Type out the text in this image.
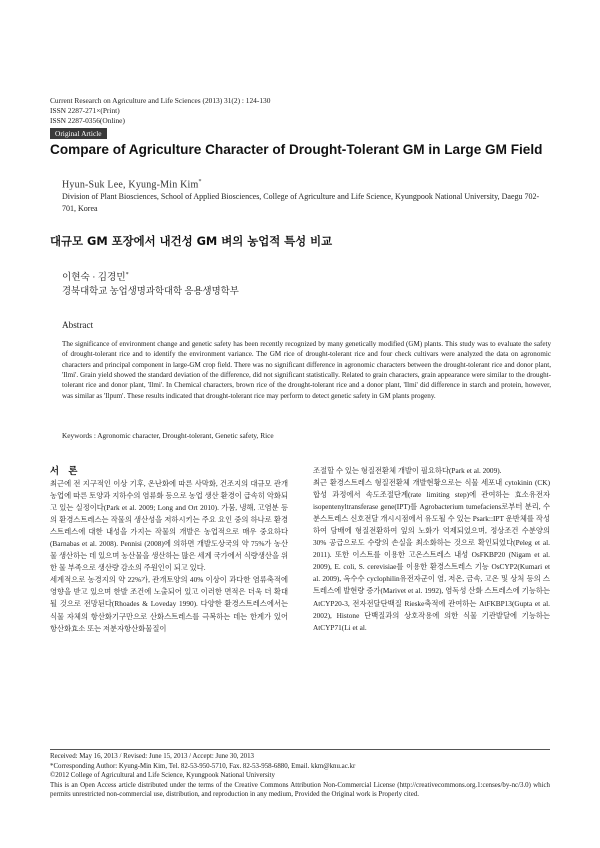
Current Research on Agriculture and Life Sciences (2013) 31(2) : 124-130
ISSN 2287-271×(Print)
ISSN 2287-0356(Online)
Original Article
Compare of Agriculture Character of Drought-Tolerant GM in Large GM Field
Hyun-Suk Lee, Kyung-Min Kim*
Division of Plant Biosciences, School of Applied Biosciences, College of Agriculture and Life Science, Kyungpook National University, Daegu 702-701, Korea
대규모 GM 포장에서 내건성 GM 벼의 농업적 특성 비교
이현숙 · 김경민*
경북대학교 농업생명과학대학 응용생명학부
Abstract
The significance of environment change and genetic safety has been recently recognized by many genetically modified (GM) plants. This study was to evaluate the safety of drought-tolerant rice and to identify the environment variance. The GM rice of drought-tolerant rice and four check cultivars were analyzed the data on agronomic characters and principal component in large-GM crop field. There was no significant difference in agronomic characters between the drought-tolerant rice and donor plant, 'Ilmi'. Grain yield showed the standard deviation of the difference, did not significant statistically. Related to grain characters, grain appearance were similar to the drought-tolerant rice and donor plant, 'Ilmi'. In Chemical characters, brown rice of the drought-tolerant rice and a donor plant, 'Ilmi' did difference in starch and protein, however, was similar as 'Ilpum'. These results indicated that drought-tolerant rice may perform to detect genetic safety in GM plants progeny.
Keywords : Agronomic character, Drought-tolerant, Genetic safety, Rice
서 론

최근에 전 지구적인 이상 기후, 온난화에 따른 사막화, 건조지의 대규모 관개농업에 따른 토양과 지하수의 염류화 등으로 농업 생산 환경이 급속히 악화되고 있는 실정이다(Park et al. 2009; Long and Ort 2010). 가뭄, 냉해, 고염분 등의 환경스트레스는 작물의 생산성을 저하시키는 주요 요인 중의 하나로 환경스트레스에 대한 내성을 가지는 작물의 개발은 농업적으로 매우 중요하다(Barnabas et al. 2008). Pennisi (2008)에 의하면 개발도상국의 약 75%가 농산물 생산하는 데 있으며 농산물을 생산하는 많은 세계 국가에서 식량생산을 위한 물 부족으로 생산량 감소의 주원인이 되고 있다.

세계적으로 농경지의 약 22%가, 관개토양의 40% 이상이 과다한 염류축적에 영향을 받고 있으며 한발 조건에 노출되어 있고 이러한 면적은 더욱 더 확대될 것으로 전망된다(Rhoades & Loveday 1990). 다양한 환경스트레스에서는 식물 자체의 항산화기구만으로 산화스트레스를 극복하는 데는 한계가 있어 항산화효소 또는 저분자항산화물질이

조절할 수 있는 형질전환체 개발이 필요하다(Park et al. 2009).

최근 환경스트레스 형질전환체 개발현황으로는 식물 세포내 cytokinin (CK) 합성 과정에서 속도조절단계(rate limiting step)에 관여하는 효소유전자 isopentenyltransferase gene(IPT)를 Agrobacterium tumefaciens로부터 분리, 수분스트레스 신호전달 개시시점에서 유도될 수 있는 Psark::IPT 운반체를 작성하여 담배에 형질전환하여 잎의 노화가 억제되었으며, 정상조건 수분양의 30% 공급으로도 수량의 손실을 최소화하는 것으로 확인되었다(Peleg et al. 2011). 또한 이스트를 이용한 고온스트레스 내성 OsFKBP20 (Nigam et al. 2009), E. coli, S. cerevisiae를 이용한 환경스트레스 기능 OsCYP2(Kumari et al. 2009), 옥수수 cyclophilin유전자군이 염, 저온, 금속, 고온 및 상처 등의 스트레스에 발현량 증가(Marivet et al. 1992), 염독성 산화 스트레스에 기능하는 AtCYP20-3, 전자전달단백질 Rieske축적에 관여하는 AtFKBP13(Gupta et al. 2002), Histone 단백질과의 상호작용에 의한 식물 기관발달에 기능하는 AtCYP71(Li et al.

Received: May 16, 2013 / Revised: June 15, 2013 / Accept: June 30, 2013
*Corresponding Author: Kyung-Min Kim, Tel. 82-53-950-5710, Fax. 82-53-958-6880, Email. kkm@knu.ac.kr
©2012 College of Agricultural and Life Science, Kyungpook National University
This is an Open Access article distributed under the terms of the Creative Commons Attribution Non-Commercial License (http://creativecommons.org.1:censes/by-nc/3.0) which permits unrestricted non-commercial use, distribution, and reproduction in any medium, Provided the Original work is Properly cited.
